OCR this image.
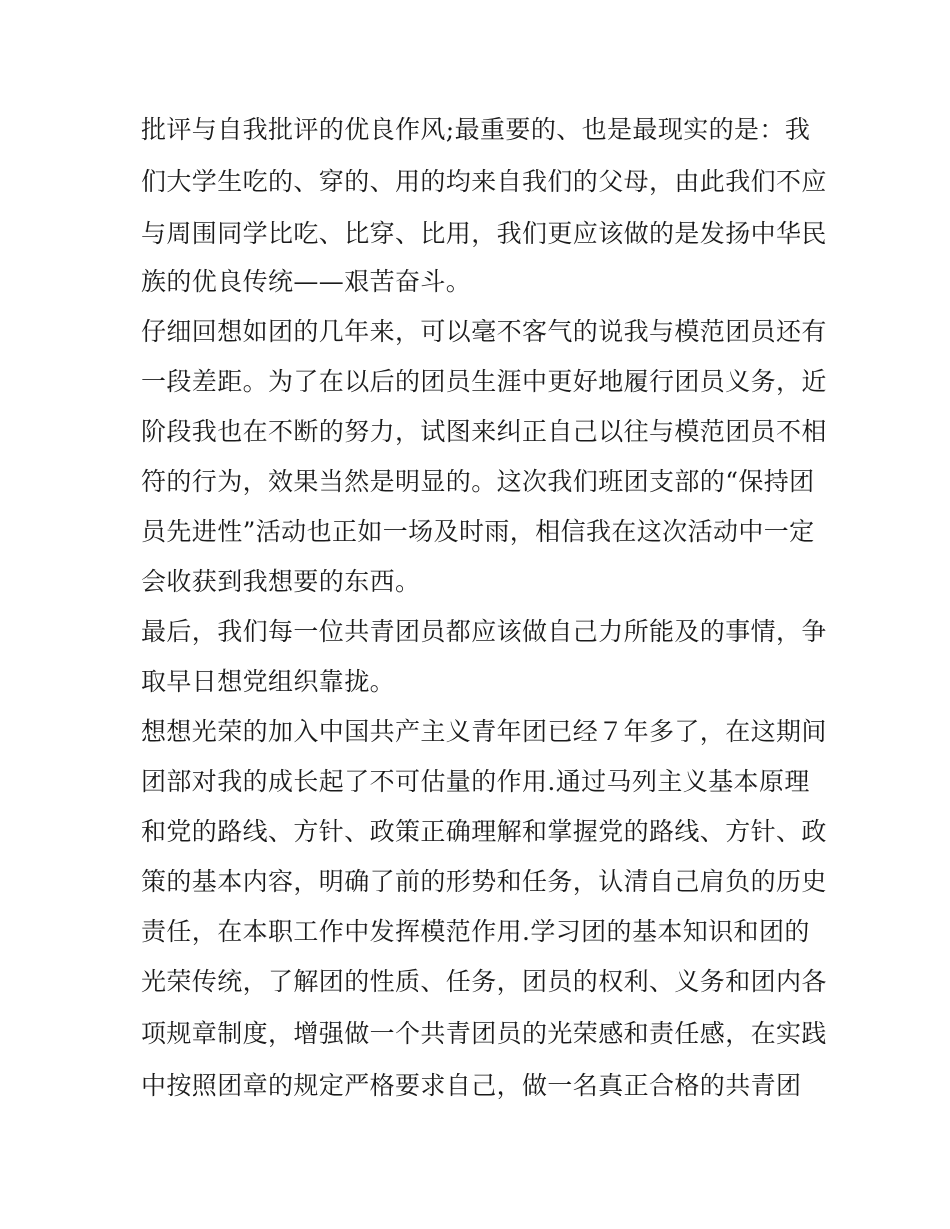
批评与自我批评的优良作风;最重要的、也是最现实的是：我
们大学生吃的、穿的、用的均来自我们的父母，由此我们不应
与周围同学比吃、比穿、比用，我们更应该做的是发扬中华民
族的优良传统——艰苦奋斗。
仔细回想如团的几年来，可以毫不客气的说我与模范团员还有
一段差距。为了在以后的团员生涯中更好地履行团员义务，近
阶段我也在不断的努力，试图来纠正自己以往与模范团员不相
符的行为，效果当然是明显的。这次我们班团支部的“保持团
员先进性”活动也正如一场及时雨，相信我在这次活动中一定
会收获到我想要的东西。
最后，我们每一位共青团员都应该做自己力所能及的事情，争
取早日想党组织靠拢。
想想光荣的加入中国共产主义青年团已经７年多了，在这期间
团部对我的成长起了不可估量的作用.通过马列主义基本原理
和党的路线、方针、政策正确理解和掌握党的路线、方针、政
策的基本内容，明确了前的形势和任务，认清自己肩负的历史
责任，在本职工作中发挥模范作用.学习团的基本知识和团的
光荣传统，了解团的性质、任务，团员的权利、义务和团内各
项规章制度，增强做一个共青团员的光荣感和责任感，在实践
中按照团章的规定严格要求自己，做一名真正合格的共青团
